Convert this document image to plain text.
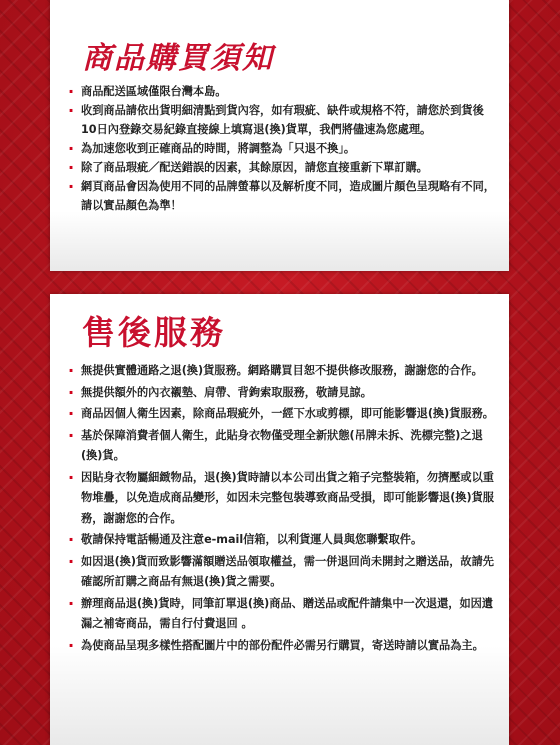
商品購買須知
· 商品配送區域僅限台灣本島。
· 收到商品請依出貨明細清點到貨內容，如有瑕疵、缺件或規格不符，請您於到貨後10日內登錄交易紀錄直接線上填寫退(換)貨單，我們將儘速為您處理。
· 為加速您收到正確商品的時間，將調整為「只退不換」。
· 除了商品瑕疵／配送錯誤的因素，其餘原因，請您直接重新下單訂購。
· 網頁商品會因為使用不同的品牌螢幕以及解析度不同，造成圖片顏色呈現略有不同，請以實品顏色為準！
售後服務
· 無提供實體通路之退(換)貨服務。網路購買目恕不提供修改服務，謝謝您的合作。
· 無提供額外的內衣襯墊、肩帶、背鉤索取服務，敬請見諒。
· 商品因個人衛生因素，除商品瑕疵外，一經下水或剪標，即可能影響退(換)貨服務。
· 基於保障消費者個人衛生，此貼身衣物僅受理全新狀態(吊牌未拆、洗標完整)之退(換)貨。
· 因貼身衣物屬細緻物品，退(換)貨時請以本公司出貨之箱子完整裝箱，勿擠壓或以重物堆疊，以免造成商品變形，如因未完整包裝導致商品受損，即可能影響退(換)貨服務，謝謝您的合作。
· 敬請保持電話暢通及注意e-mail信箱，以利貨運人員與您聯繫取件。
· 如因退(換)貨而致影響滿額贈送品領取權益，需一併退回尚未開封之贈送品，故請先確認所訂購之商品有無退(換)貨之需要。
· 辦理商品退(換)貨時，同筆訂單退(換)商品、贈送品或配件請集中一次退還，如因遺漏之補寄商品，需自行付費退回 。
· 為使商品呈現多樣性搭配圖片中的部份配件必需另行購買，寄送時請以實品為主。
